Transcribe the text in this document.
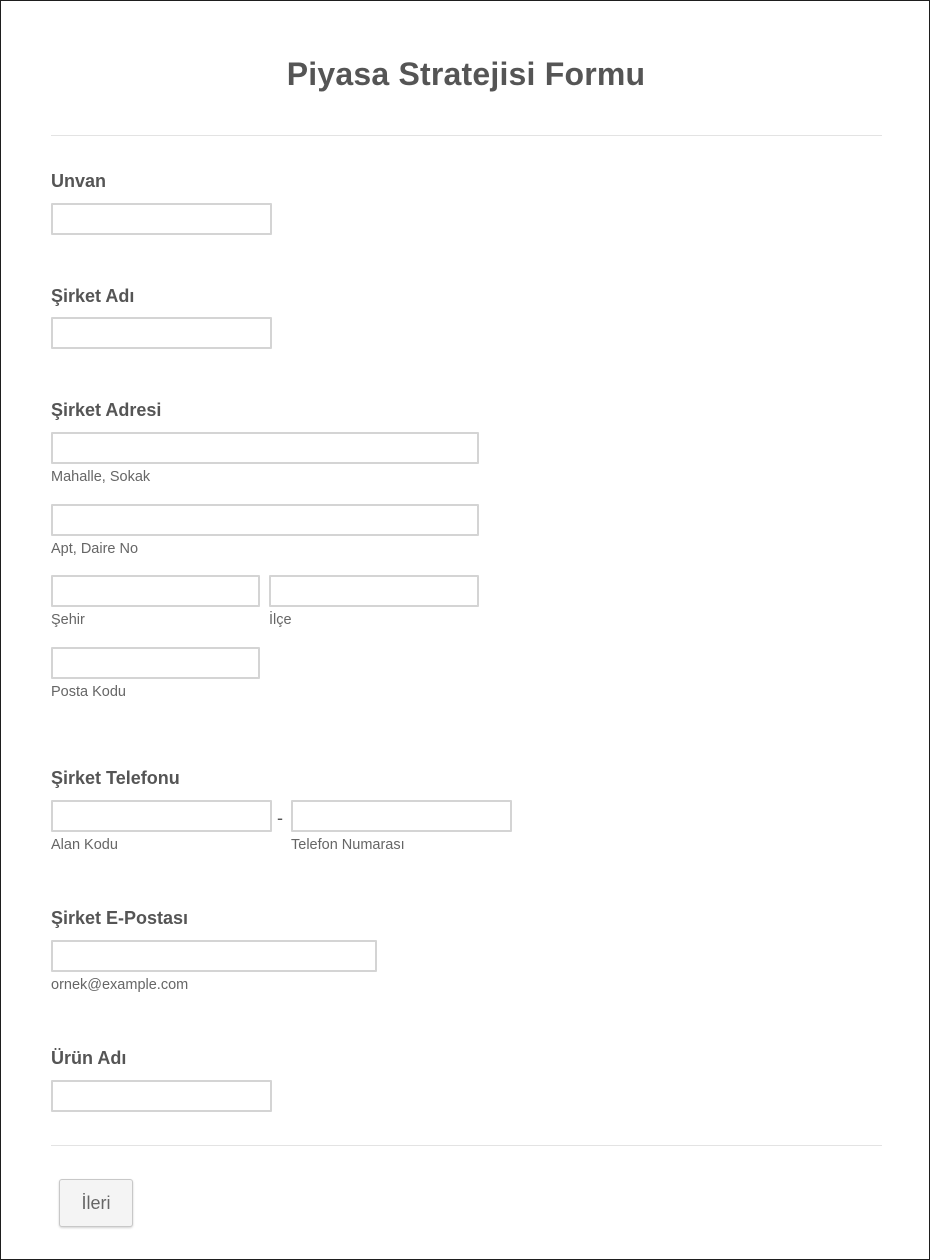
Piyasa Stratejisi Formu
Unvan
Şirket Adı
Şirket Adresi
Mahalle, Sokak
Apt, Daire No
Şehir	İlçe
Posta Kodu
Şirket Telefonu
-
Alan Kodu	Telefon Numarası
Şirket E-Postası
ornek@example.com
Ürün Adı
İleri
